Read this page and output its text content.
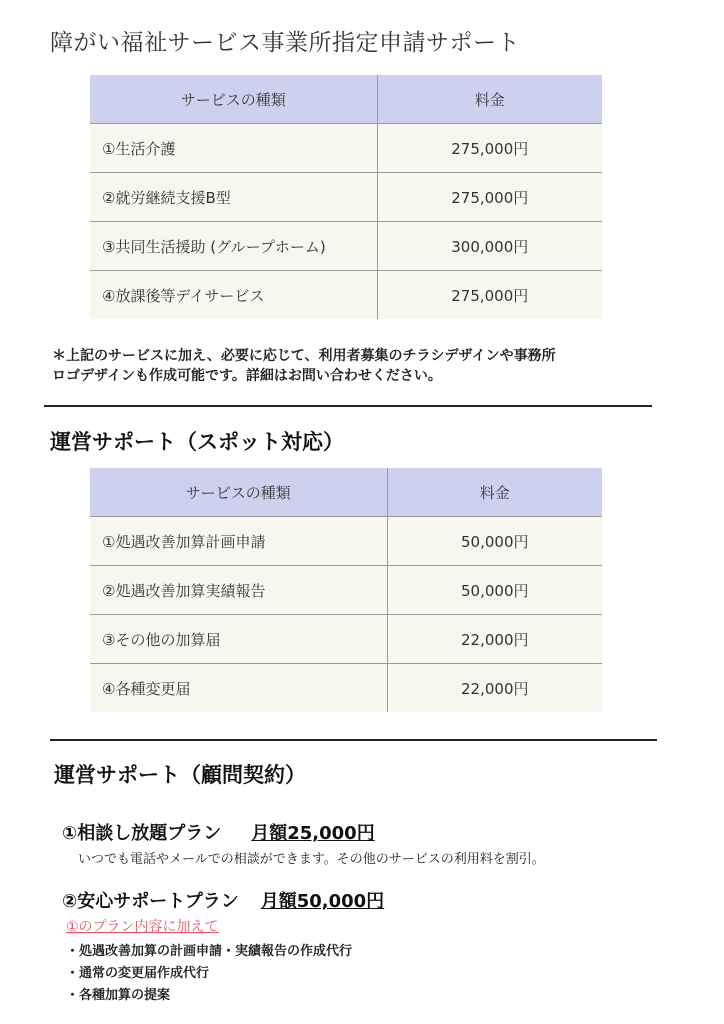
障がい福祉サービス事業所指定申請サポート
サービスの種類	料金
①生活介護	275,000円
②就労継続支援B型	275,000円
③共同生活援助 (グループホーム)	300,000円
④放課後等デイサービス	275,000円
＊上記のサービスに加え、必要に応じて、利用者募集のチラシデザインや事務所
ロゴデザインも作成可能です。詳細はお問い合わせください。
運営サポート（スポット対応）
サービスの種類	料金
①処遇改善加算計画申請	50,000円
②処遇改善加算実績報告	50,000円
③その他の加算届	22,000円
④各種変更届	22,000円
運営サポート（顧問契約）
①相談し放題プラン 月額25,000円
いつでも電話やメールでの相談ができます。その他のサービスの利用料を割引。
②安心サポートプラン 月額50,000円
①のプラン内容に加えて
・処遇改善加算の計画申請・実績報告の作成代行
・通常の変更届作成代行
・各種加算の提案
